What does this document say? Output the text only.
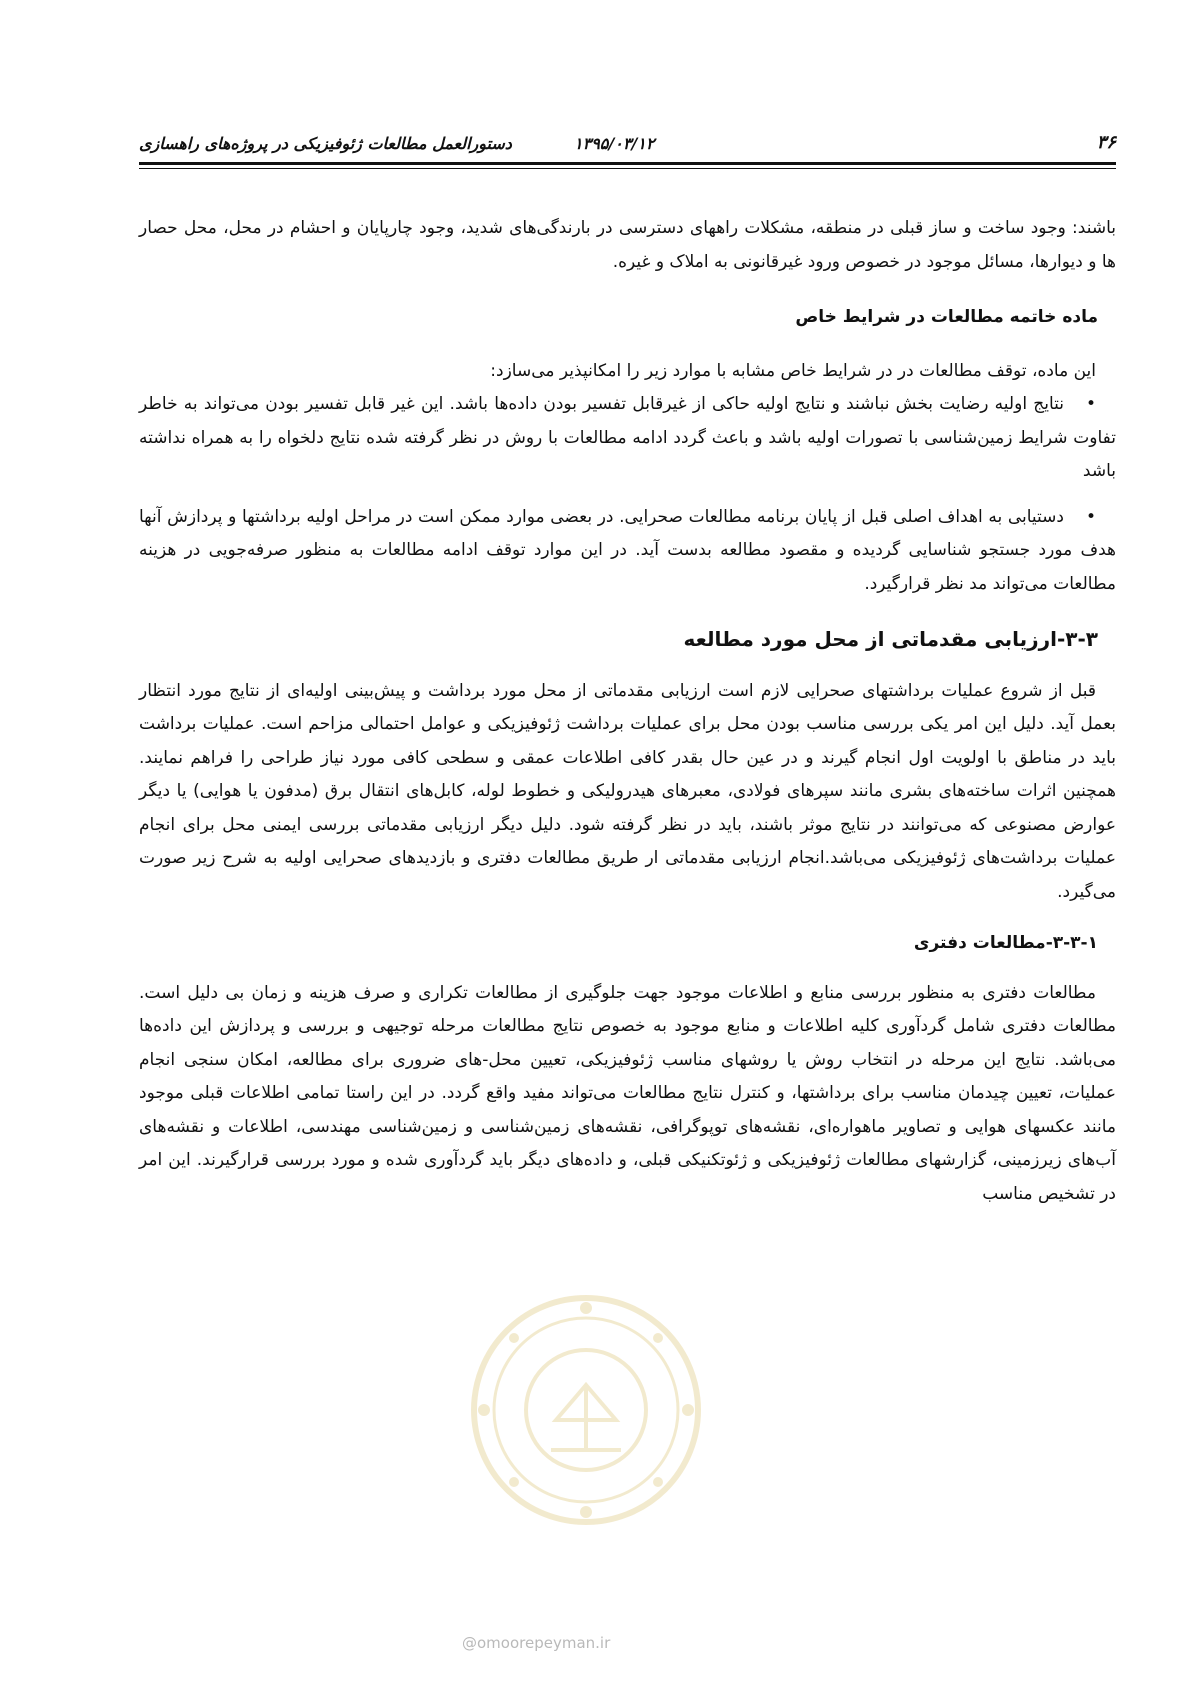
دستورالعمل مطالعات ژئوفیزیکی در پروژه‌های راهسازی	۱۳۹۵/۰۳/۱۲	۳۶

باشند: وجود ساخت و ساز قبلی در منطقه، مشکلات راههای دسترسی در بارندگی‌های شدید، وجود چارپایان و احشام در محل، محل حصار ها و دیوارها، مسائل موجود در خصوص ورود غیرقانونی به املاک و غیره.

ماده خاتمه مطالعات در شرایط خاص

این ماده، توقف مطالعات در در شرایط خاص مشابه با موارد زیر را امکانپذیر می‌سازد:

•نتایج اولیه رضایت بخش نباشند و نتایج اولیه حاکی از غیرقابل تفسیر بودن داده‌ها باشد. این غیر قابل تفسیر بودن می‌تواند به خاطر تفاوت شرایط زمین‌شناسی با تصورات اولیه باشد و باعث گردد ادامه مطالعات با روش در نظر گرفته شده نتایج دلخواه را به همراه نداشته باشد

•دستیابی به اهداف اصلی قبل از پایان برنامه مطالعات صحرایی. در بعضی موارد ممکن است در مراحل اولیه برداشتها و پردازش آنها هدف مورد جستجو شناسایی گردیده و مقصود مطالعه بدست آید. در این موارد توقف ادامه مطالعات به منظور صرفه‌جویی در هزینه مطالعات می‌تواند مد نظر قرارگیرد.

۳-۳-ارزیابی مقدماتی از محل مورد مطالعه

قبل از شروع عملیات برداشتهای صحرایی لازم است ارزیابی مقدماتی از محل مورد برداشت و پیش‌بینی اولیه‌ای از نتایج مورد انتظار بعمل آید. دلیل این امر یکی بررسی مناسب بودن محل برای عملیات برداشت ژئوفیزیکی و عوامل احتمالی مزاحم است. عملیات برداشت باید در مناطق با اولویت اول انجام گیرند و در عین حال بقدر کافی اطلاعات عمقی و سطحی کافی مورد نیاز طراحی را فراهم نمایند. همچنین اثرات ساخته‌های بشری مانند سپرهای فولادی، معبرهای هیدرولیکی و خطوط لوله، کابل‌های انتقال برق (مدفون یا هوایی) یا دیگر عوارض مصنوعی که می‌توانند در نتایج موثر باشند، باید در نظر گرفته شود. دلیل دیگر ارزیابی مقدماتی بررسی ایمنی محل برای انجام عملیات برداشت‌های ژئوفیزیکی می‌باشد.انجام ارزیابی مقدماتی ار طریق مطالعات دفتری و بازدیدهای صحرایی اولیه به شرح زیر صورت می‌گیرد.

۳-۳-۱-مطالعات دفتری

مطالعات دفتری به منظور بررسی منابع و اطلاعات موجود جهت جلوگیری از مطالعات تکراری و صرف هزینه و زمان بی دلیل است. مطالعات دفتری شامل گردآوری کلیه اطلاعات و منابع موجود به خصوص نتایج مطالعات مرحله توجیهی و بررسی و پردازش این داده‌ها می‌باشد. نتایج این مرحله در انتخاب روش یا روشهای مناسب ژئوفیزیکی، تعیین محل-های ضروری برای مطالعه، امکان سنجی انجام عملیات، تعیین چیدمان مناسب برای برداشتها، و کنترل نتایج مطالعات می‌تواند مفید واقع گردد. در این راستا تمامی اطلاعات قبلی موجود مانند عکسهای هوایی و تصاویر ماهواره‌ای، نقشه‌های توپوگرافی، نقشه‌های زمین‌شناسی و زمین‌شناسی مهندسی، اطلاعات و نقشه‌های آب‌های زیرزمینی، گزارشهای مطالعات ژئوفیزیکی و ژئوتکنیکی قبلی، و داده‌های دیگر باید گردآوری شده و مورد بررسی قرارگیرند. این امر در تشخیص مناسب

@omoorepeyman.ir
